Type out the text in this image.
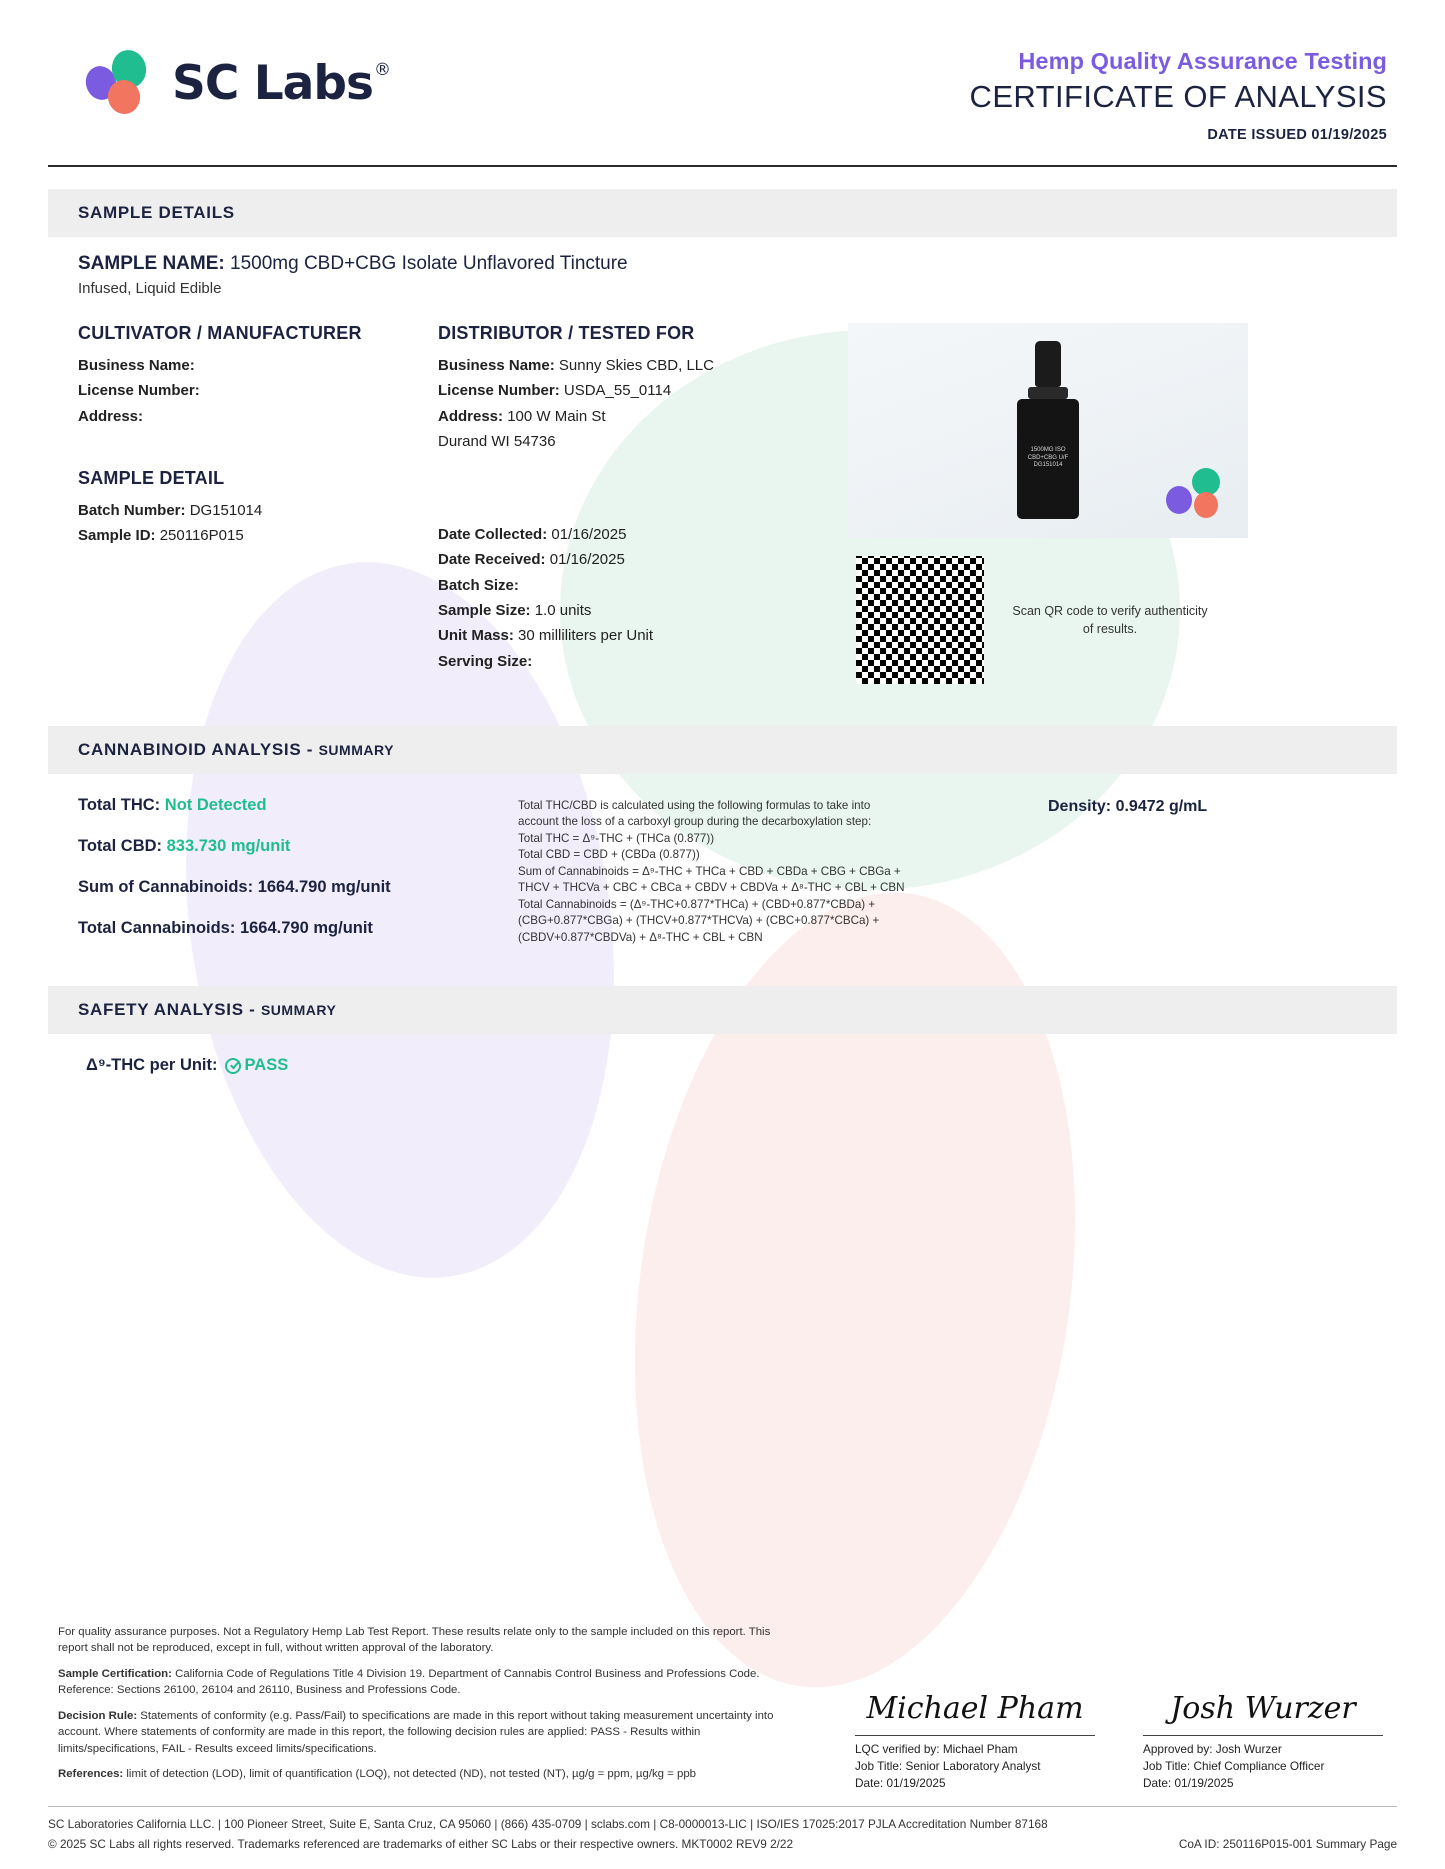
SC Labs ®	Hemp Quality Assurance Testing
CERTIFICATE OF ANALYSIS
DATE ISSUED 01/19/2025
SAMPLE DETAILS
SAMPLE NAME: 1500mg CBD+CBG Isolate Unflavored Tincture
Infused, Liquid Edible
CULTIVATOR / MANUFACTURER
Business Name:
License Number:
Address:
SAMPLE DETAIL
Batch Number: DG151014
Sample ID: 250116P015
DISTRIBUTOR / TESTED FOR
Business Name: Sunny Skies CBD, LLC
License Number: USDA_55_0114
Address: 100 W Main St
Durand WI 54736
Date Collected: 01/16/2025
Date Received: 01/16/2025
Batch Size:
Sample Size: 1.0 units
Unit Mass: 30 milliliters per Unit
Serving Size:
1500MG ISO CBD+CBG U/F DG151014
Scan QR code to verify authenticity of results.
CANNABINOID ANALYSIS - SUMMARY
Total THC: Not Detected
Total CBD: 833.730 mg/unit
Sum of Cannabinoids: 1664.790 mg/unit
Total Cannabinoids: 1664.790 mg/unit
Total THC/CBD is calculated using the following formulas to take into
account the loss of a carboxyl group during the decarboxylation step:
Total THC = Δ⁹-THC + (THCa (0.877))
Total CBD = CBD + (CBDa (0.877))
Sum of Cannabinoids = Δ⁹-THC + THCa + CBD + CBDa + CBG + CBGa +
THCV + THCVa + CBC + CBCa + CBDV + CBDVa + Δ⁸-THC + CBL + CBN
Total Cannabinoids = (Δ⁹-THC+0.877*THCa) + (CBD+0.877*CBDa) +
(CBG+0.877*CBGa) + (THCV+0.877*THCVa) + (CBC+0.877*CBCa) +
(CBDV+0.877*CBDVa) + Δ⁸-THC + CBL + CBN
Density: 0.9472 g/mL
SAFETY ANALYSIS - SUMMARY
Δ⁹-THC per Unit: PASS

For quality assurance purposes. Not a Regulatory Hemp Lab Test Report. These results relate only to the sample included on this report. This report shall not be reproduced, except in full, without written approval of the laboratory.

Sample Certification: California Code of Regulations Title 4 Division 19. Department of Cannabis Control Business and Professions Code. Reference: Sections 26100, 26104 and 26110, Business and Professions Code.

Decision Rule: Statements of conformity (e.g. Pass/Fail) to specifications are made in this report without taking measurement uncertainty into account. Where statements of conformity are made in this report, the following decision rules are applied: PASS - Results within limits/specifications, FAIL - Results exceed limits/specifications.

References: limit of detection (LOD), limit of quantification (LOQ), not detected (ND), not tested (NT), µg/g = ppm, µg/kg = ppb

Michael Pham
LQC verified by: Michael Pham
Job Title: Senior Laboratory Analyst
Date: 01/19/2025
Josh Wurzer
Approved by: Josh Wurzer
Job Title: Chief Compliance Officer
Date: 01/19/2025
SC Laboratories California LLC. | 100 Pioneer Street, Suite E, Santa Cruz, CA 95060 | (866) 435-0709 | sclabs.com | C8-0000013-LIC | ISO/IES 17025:2017 PJLA Accreditation Number 87168
© 2025 SC Labs all rights reserved. Trademarks referenced are trademarks of either SC Labs or their respective owners. MKT0002 REV9 2/22	CoA ID: 250116P015-001 Summary Page
